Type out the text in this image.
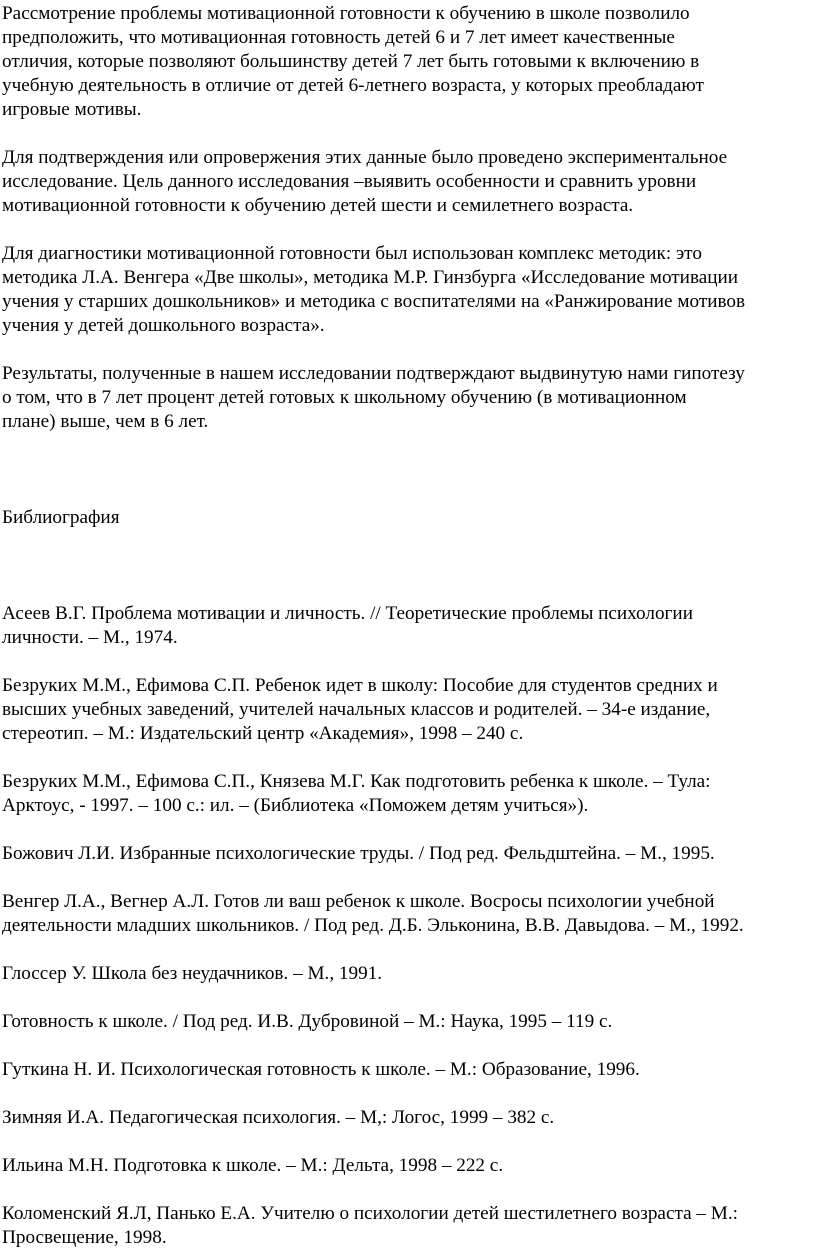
Рассмотрение проблемы мотивационной готовности к обучению в школе позволило
предположить, что мотивационная готовность детей 6 и 7 лет имеет качественные
отличия, которые позволяют большинству детей 7 лет быть готовыми к включению в
учебную деятельность в отличие от детей 6-летнего возраста, у которых преобладают
игровые мотивы.

Для подтверждения или опровержения этих данные было проведено экспериментальное
исследование. Цель данного исследования –выявить особенности и сравнить уровни
мотивационной готовности к обучению детей шести и семилетнего возраста.

Для диагностики мотивационной готовности был использован комплекс методик: это
методика Л.А. Венгера «Две школы», методика М.Р. Гинзбурга «Исследование мотивации
учения у старших дошкольников» и методика с воспитателями на «Ранжирование мотивов
учения у детей дошкольного возраста».

Результаты, полученные в нашем исследовании подтверждают выдвинутую нами гипотезу
о том, что в 7 лет процент детей готовых к школьному обучению (в мотивационном
плане) выше, чем в 6 лет.

Библиография

Асеев В.Г. Проблема мотивации и личность. // Теоретические проблемы психологии
личности. – М., 1974.

Безруких М.М., Ефимова С.П. Ребенок идет в школу: Пособие для студентов средних и
высших учебных заведений, учителей начальных классов и родителей. – 34-е издание,
стереотип. – М.: Издательский центр «Академия», 1998 – 240 с.

Безруких М.М., Ефимова С.П., Князева М.Г. Как подготовить ребенка к школе. – Тула:
Арктоус, - 1997. – 100 с.: ил. – (Библиотека «Поможем детям учиться»).

Божович Л.И. Избранные психологические труды. / Под ред. Фельдштейна. – М., 1995.

Венгер Л.А., Вегнер А.Л. Готов ли ваш ребенок к школе. Восросы психологии учебной
деятельности младших школьников. / Под ред. Д.Б. Эльконина, В.В. Давыдова. – М., 1992.

Глоссер У. Школа без неудачников. – М., 1991.

Готовность к школе. / Под ред. И.В. Дубровиной – М.: Наука, 1995 – 119 с.

Гуткина Н. И. Психологическая готовность к школе. – М.: Образование, 1996.

Зимняя И.А. Педагогическая психология. – М,: Логос, 1999 – 382 с.

Ильина М.Н. Подготовка к школе. – М.: Дельта, 1998 – 222 с.

Коломенский Я.Л, Панько Е.А. Учителю о психологии детей шестилетнего возраста – М.:
Просвещение, 1998.
